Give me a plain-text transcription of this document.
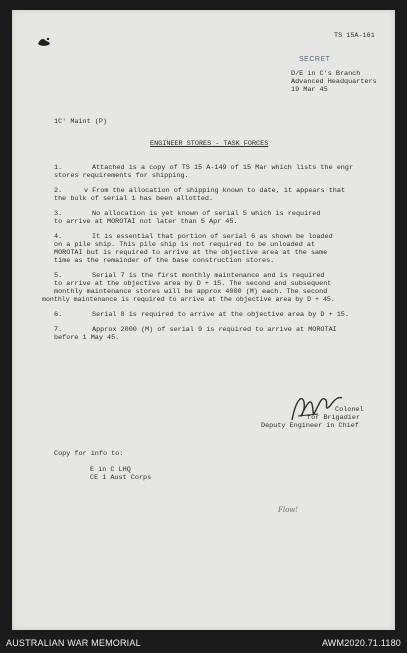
TS 15A-161
SECRET
D/E in C's Branch
Advanced Headquarters
19 Mar 45
1C' Maint (P)
ENGINEER STORES - TASK FORCES
1.	Attached is a copy of TS 15 A-149 of 15 Mar which lists the engr
stores requirements for shipping.
2.	v From the allocation of shipping known to date, it appears that
the bulk of serial 1 has been allotted.
3.	No allocation is yet known of serial 5 which is required
to arrive at MOROTAI not later than 5 Apr 45.
4.	It is essential that portion of serial 6 as shown be loaded
on a pile ship. This pile ship is not required to be unloaded at
MOROTAI but is required to arrive at the objective area at the same
time as the remainder of the base construction stores.
5.	Serial 7 is the first monthly maintenance and is required
to arrive at the objective area by D + 15. The second and subsequent
monthly maintenance stores will be approx 4000 (M) each. The second
monthly maintenance is required to arrive at the objective area by D + 45.
6.	Serial 8 is required to arrive at the objective area by D + 15.
7.	Approx 2000 (M) of serial 9 is required to arrive at MOROTAI
before 1 May 45.
Colonel
for Brigadier
Deputy Engineer in Chief
Copy for info to:
E in C LHQ
CE 1 Aust Corps
Flow!
AUSTRALIAN WAR MEMORIAL	AWM2020.71.1180
